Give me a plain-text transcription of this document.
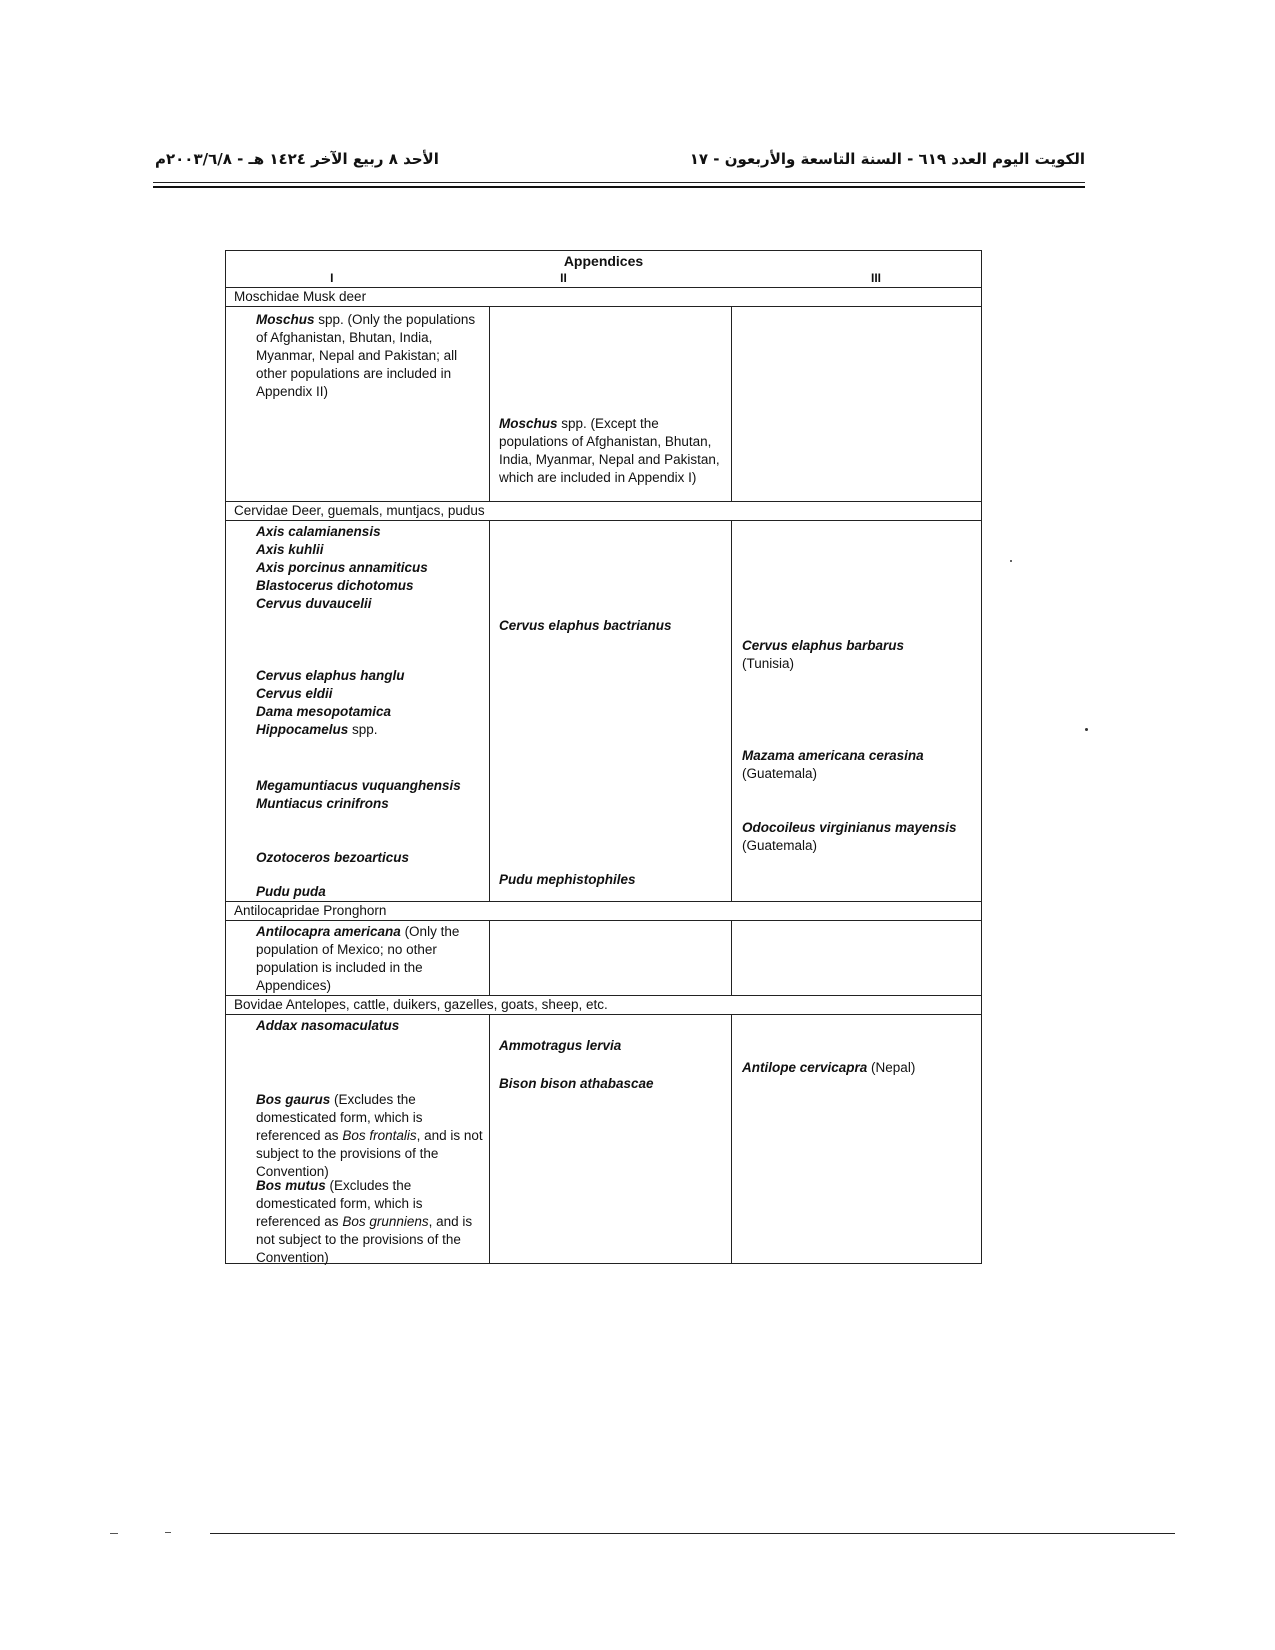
الكويت اليوم العدد ٦١٩ - السنة التاسعة والأربعون - ١٧
الأحد ٨ ربيع الآخر ١٤٢٤ هـ - ٢٠٠٣/٦/٨م
Appendices
I	II	III
Moschidae Musk deer
Moschus spp. (Only the populations of Afghanistan, Bhutan, India, Myanmar, Nepal and Pakistan; all other populations are included in Appendix II)
Moschus spp. (Except the populations of Afghanistan, Bhutan, India, Myanmar, Nepal and Pakistan, which are included in Appendix I)
Cervidae Deer, guemals, muntjacs, pudus
Axis calamianensis
Axis kuhlii
Axis porcinus annamiticus
Blastocerus dichotomus
Cervus duvaucelii
Cervus elaphus bactrianus
Cervus elaphus barbarus
(Tunisia)
Cervus elaphus hanglu
Cervus eldii
Dama mesopotamica
Hippocamelus spp.
Mazama americana cerasina
(Guatemala)
Megamuntiacus vuquanghensis
Muntiacus crinifrons
Odocoileus virginianus mayensis (Guatemala)
Ozotoceros bezoarticus
Pudu mephistophiles
Pudu puda
Antilocapridae Pronghorn
Antilocapra americana (Only the population of Mexico; no other population is included in the Appendices)
Bovidae Antelopes, cattle, duikers, gazelles, goats, sheep, etc.
Addax nasomaculatus
Ammotragus lervia
Antilope cervicapra (Nepal)
Bison bison athabascae
Bos gaurus (Excludes the domesticated form, which is referenced as Bos frontalis, and is not subject to the provisions of the Convention)
Bos mutus (Excludes the domesticated form, which is referenced as Bos grunniens, and is not subject to the provisions of the Convention)
